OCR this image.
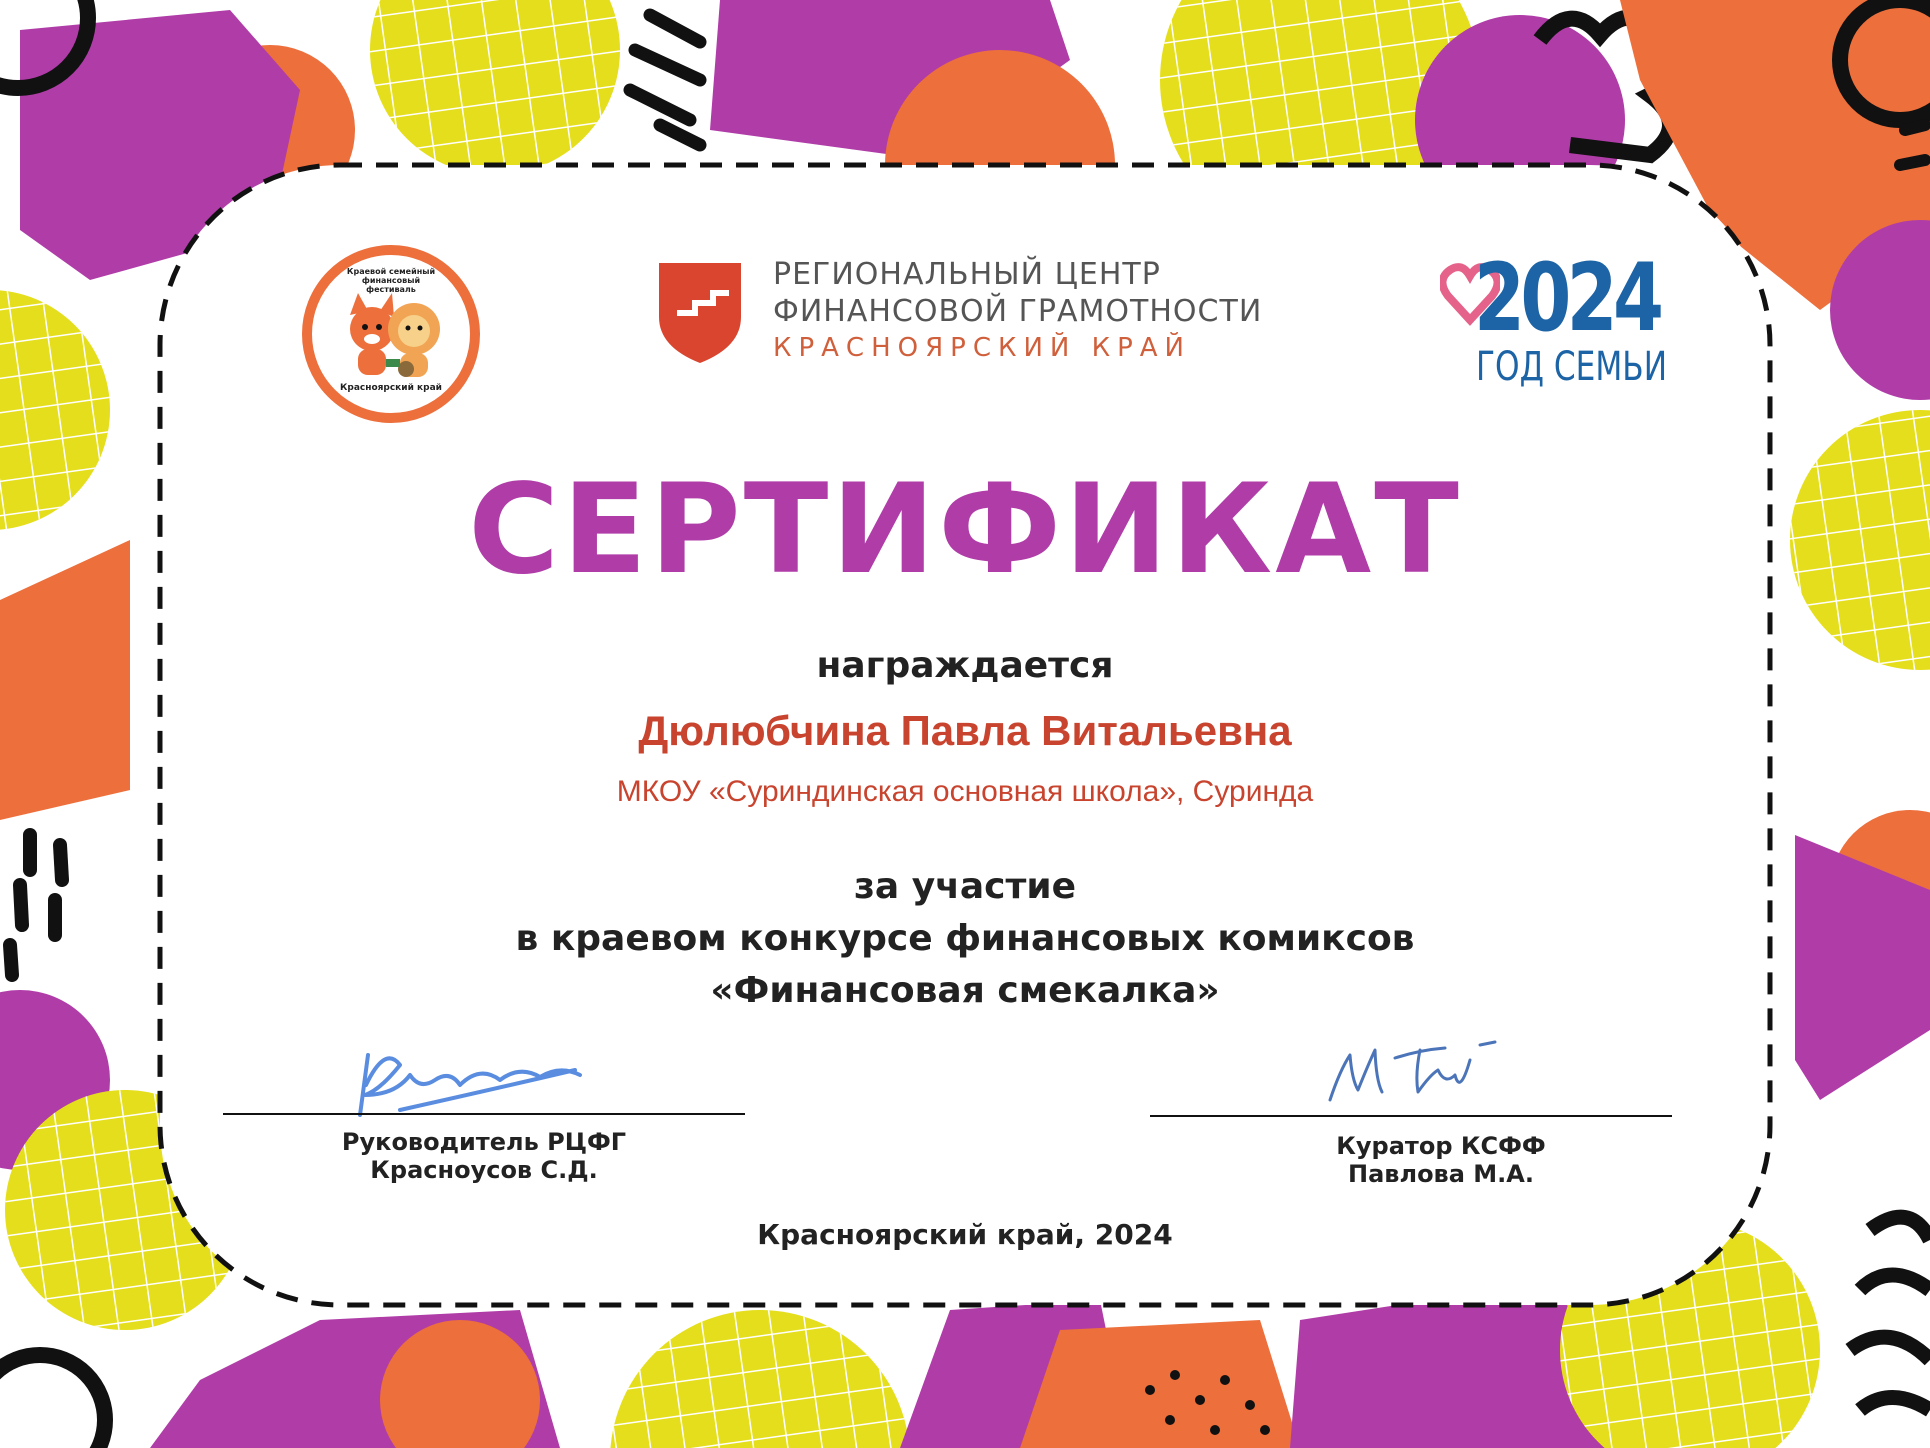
Краевой семейный финансовый фестиваль
Красноярский край
РЕГИОНАЛЬНЫЙ ЦЕНТР
ФИНАНСОВОЙ ГРАМОТНОСТИ
КРАСНОЯРСКИЙ КРАЙ	2024
ГОД СЕМЬИ
СЕРТИФИКАТ
награждается
Дюлюбчина Павла Витальевна
МКОУ «Суриндинская основная школа», Суринда
за участие
в краевом конкурсе финансовых комиксов
«Финансовая смекалка»
Руководитель РЦФГ
Красноусов С.Д.
Куратор КСФФ
Павлова М.А.
Красноярский край, 2024
